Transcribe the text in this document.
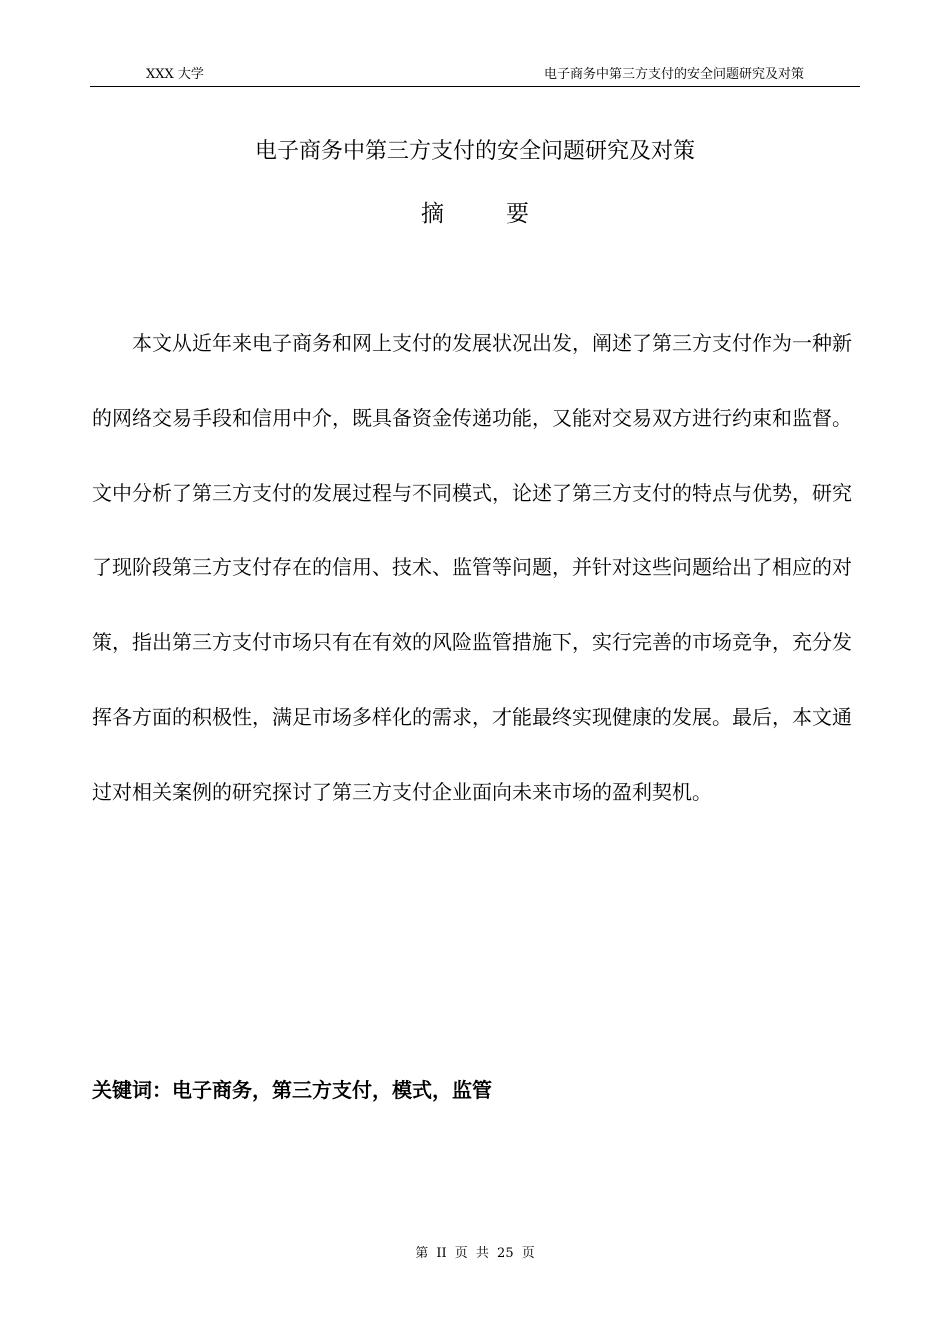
XXX 大学	电子商务中第三方支付的安全问题研究及对策
电子商务中第三方支付的安全问题研究及对策
摘要

本文从近年来电子商务和网上支付的发展状况出发，阐述了第三方支付作为一种新的网络交易手段和信用中介，既具备资金传递功能，又能对交易双方进行约束和监督。文中分析了第三方支付的发展过程与不同模式，论述了第三方支付的特点与优势，研究了现阶段第三方支付存在的信用、技术、监管等问题，并针对这些问题给出了相应的对策，指出第三方支付市场只有在有效的风险监管措施下，实行完善的市场竞争，充分发挥各方面的积极性，满足市场多样化的需求，才能最终实现健康的发展。最后，本文通过对相关案例的研究探讨了第三方支付企业面向未来市场的盈利契机。

关键词：电子商务，第三方支付，模式，监管
第 II 页 共 25 页
